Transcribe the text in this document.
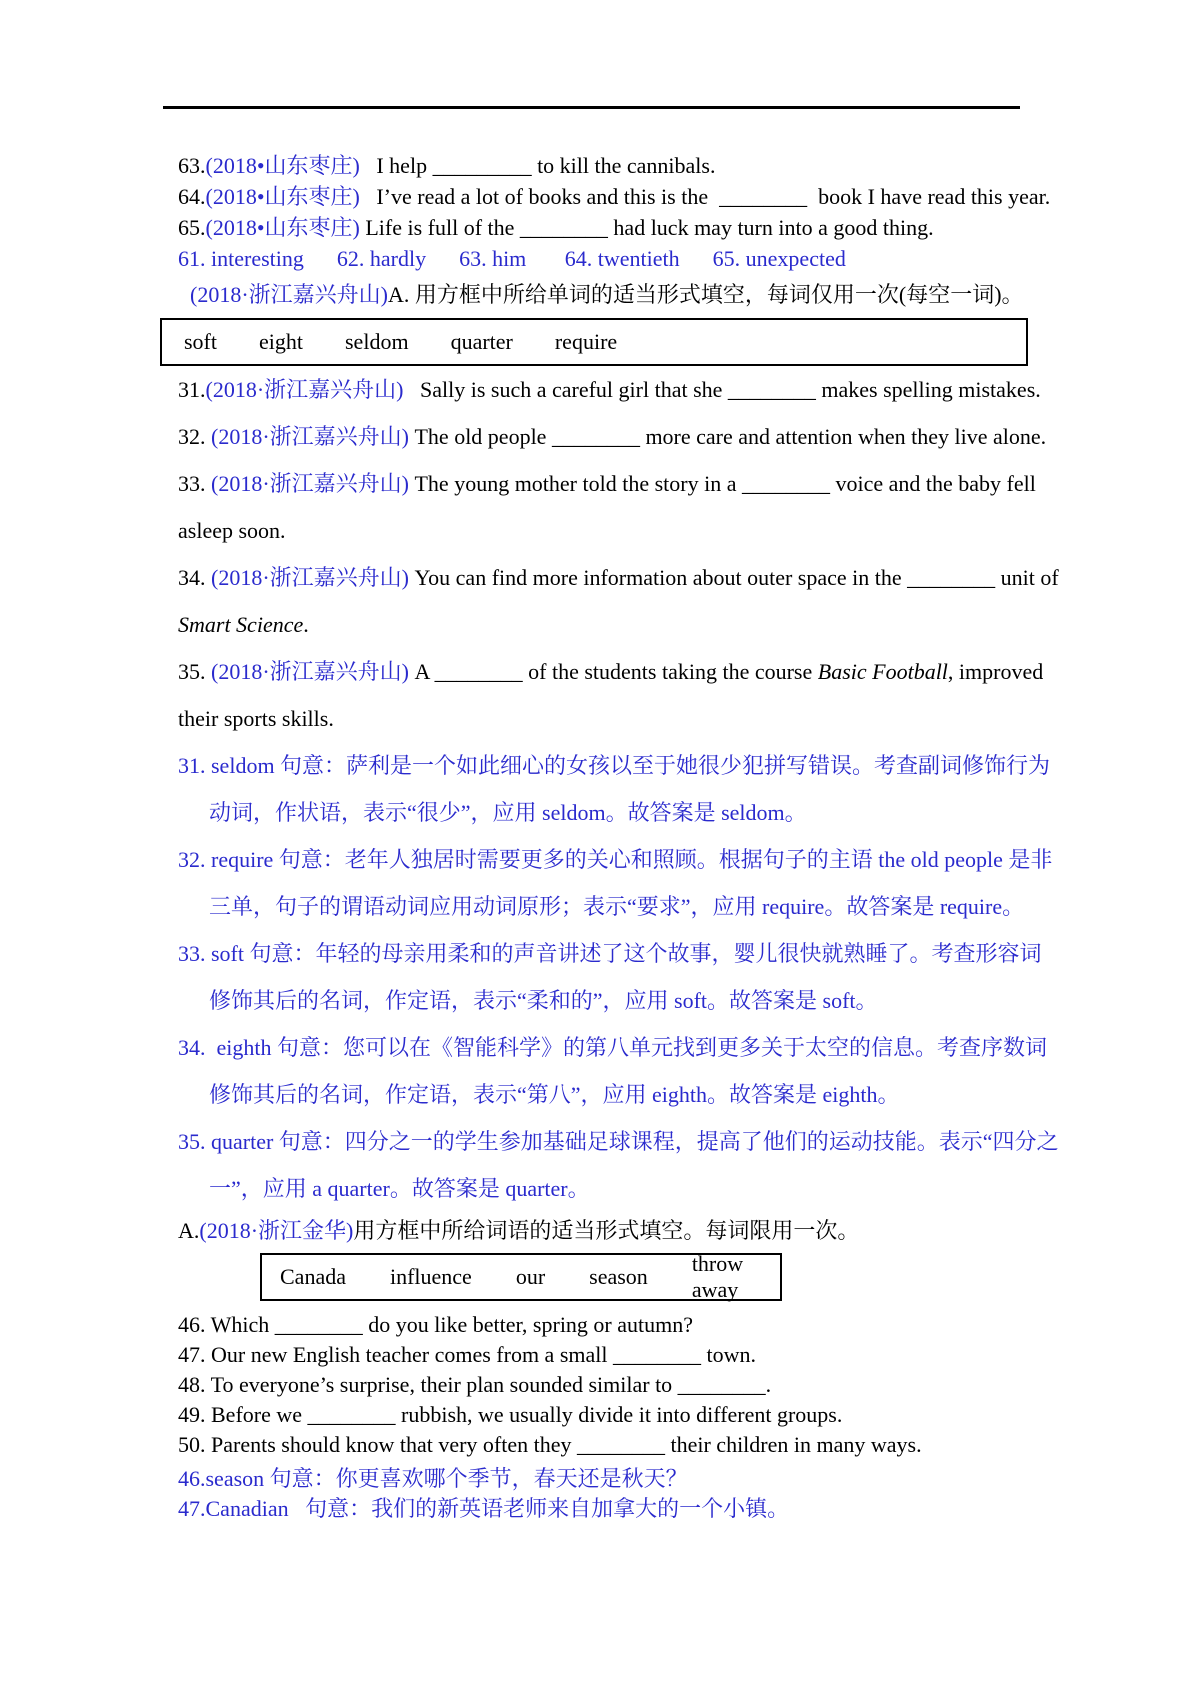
63.(2018•山东枣庄)   I help _________ to kill the cannibals.

64.(2018•山东枣庄)   I’ve read a lot of books and this is the  ________  book I have read this year.

65.(2018•山东枣庄) Life is full of the ________ had luck may turn into a good thing.

61. interesting      62. hardly      63. him       64. twentieth      65. unexpected

(2018·浙江嘉兴舟山)A. 用方框中所给单词的适当形式填空，每词仅用一次(每空一词)。

soft eight seldom quarter require

31.(2018·浙江嘉兴舟山)   Sally is such a careful girl that she ________ makes spelling mistakes.

32. (2018·浙江嘉兴舟山) The old people ________ more care and attention when they live alone.

33. (2018·浙江嘉兴舟山) The young mother told the story in a ________ voice and the baby fell

asleep soon.

34. (2018·浙江嘉兴舟山) You can find more information about outer space in the ________ unit of

Smart Science.

35. (2018·浙江嘉兴舟山) A ________ of the students taking the course Basic Football, improved

their sports skills.

31. seldom 句意：萨利是一个如此细心的女孩以至于她很少犯拼写错误。考查副词修饰行为

动词，作状语，表示“很少”，应用 seldom。故答案是 seldom。

32. require 句意：老年人独居时需要更多的关心和照顾。根据句子的主语 the old people 是非

三单，句子的谓语动词应用动词原形；表示“要求”，应用 require。故答案是 require。

33. soft 句意：年轻的母亲用柔和的声音讲述了这个故事，婴儿很快就熟睡了。考查形容词

修饰其后的名词，作定语，表示“柔和的”，应用 soft。故答案是 soft。

34.  eighth 句意：您可以在《智能科学》的第八单元找到更多关于太空的信息。考查序数词

修饰其后的名词，作定语，表示“第八”，应用 eighth。故答案是 eighth。

35. quarter 句意：四分之一的学生参加基础足球课程，提高了他们的运动技能。表示“四分之

一”，应用 a quarter。故答案是 quarter。

A.(2018·浙江金华)用方框中所给词语的适当形式填空。每词限用一次。

Canada influence our season
throw away

46. Which ________ do you like better, spring or autumn?

47. Our new English teacher comes from a small ________ town.

48. To everyone’s surprise, their plan sounded similar to ________.

49. Before we ________ rubbish, we usually divide it into different groups.

50. Parents should know that very often they ________ their children in many ways.

46.season 句意：你更喜欢哪个季节，春天还是秋天？

47.Canadian   句意：我们的新英语老师来自加拿大的一个小镇。
